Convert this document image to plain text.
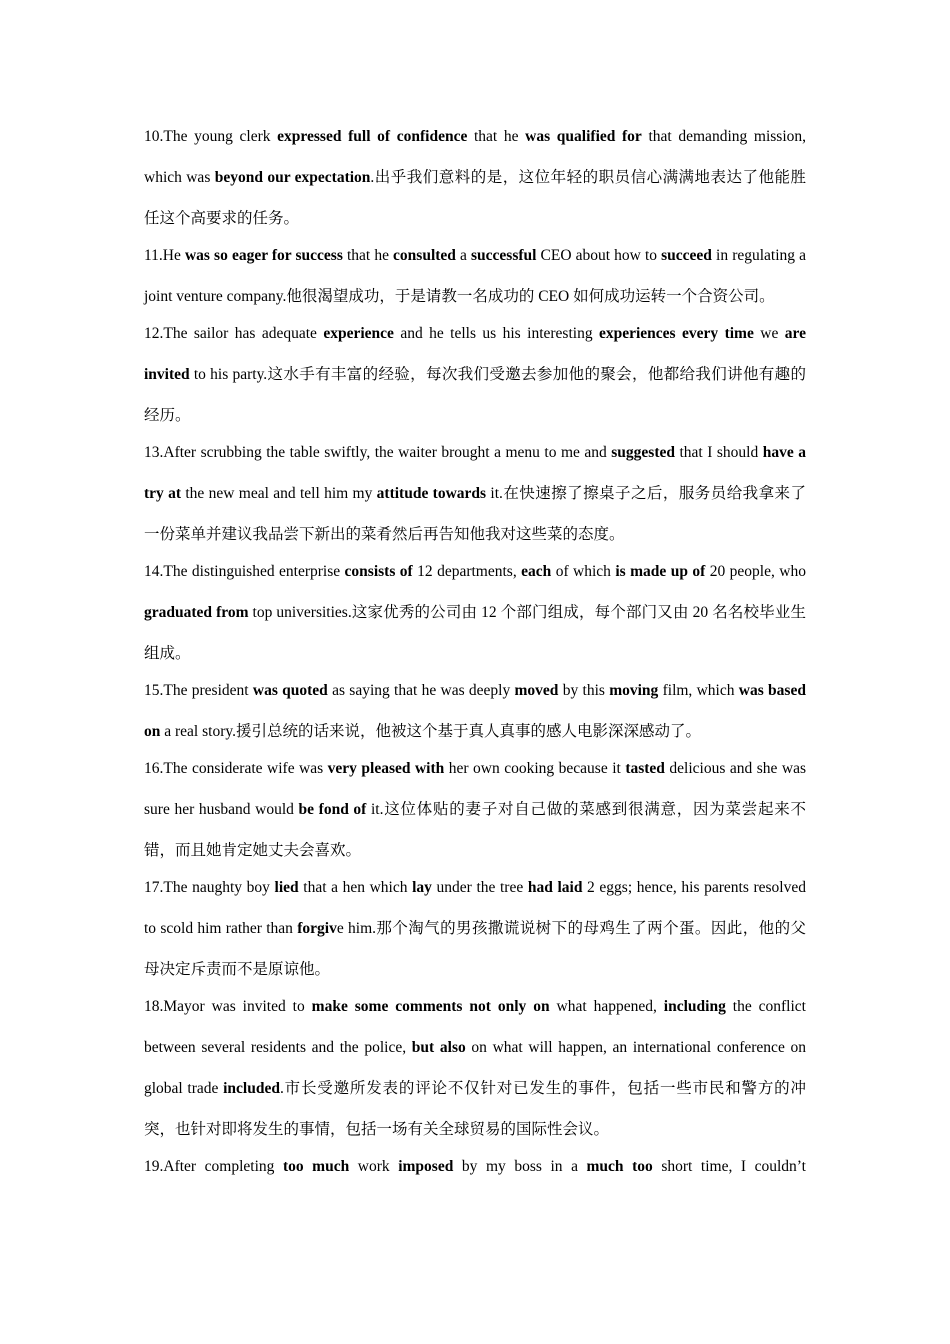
10.The young clerk expressed full of confidence that he was qualified for that demanding mission, which was beyond our expectation.出乎我们意料的是，这位年轻的职员信心满满地表达了他能胜任这个高要求的任务。

11.He was so eager for success that he consulted a successful CEO about how to succeed in regulating a joint venture company.他很渴望成功，于是请教一名成功的 CEO 如何成功运转一个合资公司。

12.The sailor has adequate experience and he tells us his interesting experiences every time we are invited to his party.这水手有丰富的经验，每次我们受邀去参加他的聚会，他都给我们讲他有趣的经历。

13.After scrubbing the table swiftly, the waiter brought a menu to me and suggested that I should have a try at the new meal and tell him my attitude towards it.在快速擦了擦桌子之后，服务员给我拿来了一份菜单并建议我品尝下新出的菜肴然后再告知他我对这些菜的态度。

14.The distinguished enterprise consists of 12 departments, each of which is made up of 20 people, who graduated from top universities.这家优秀的公司由 12 个部门组成，每个部门又由 20 名名校毕业生组成。

15.The president was quoted as saying that he was deeply moved by this moving film, which was based on a real story.援引总统的话来说，他被这个基于真人真事的感人电影深深感动了。

16.The considerate wife was very pleased with her own cooking because it tasted delicious and she was sure her husband would be fond of it.这位体贴的妻子对自己做的菜感到很满意，因为菜尝起来不错，而且她肯定她丈夫会喜欢。

17.The naughty boy lied that a hen which lay under the tree had laid 2 eggs; hence, his parents resolved to scold him rather than forgive him.那个淘气的男孩撒谎说树下的母鸡生了两个蛋。因此，他的父母决定斥责而不是原谅他。

18.Mayor was invited to make some comments not only on what happened, including the conflict between several residents and the police, but also on what will happen, an international conference on global trade included.市长受邀所发表的评论不仅针对已发生的事件，包括一些市民和警方的冲突，也针对即将发生的事情，包括一场有关全球贸易的国际性会议。

19.After completing too much work imposed by my boss in a much too short time, I couldn’t
